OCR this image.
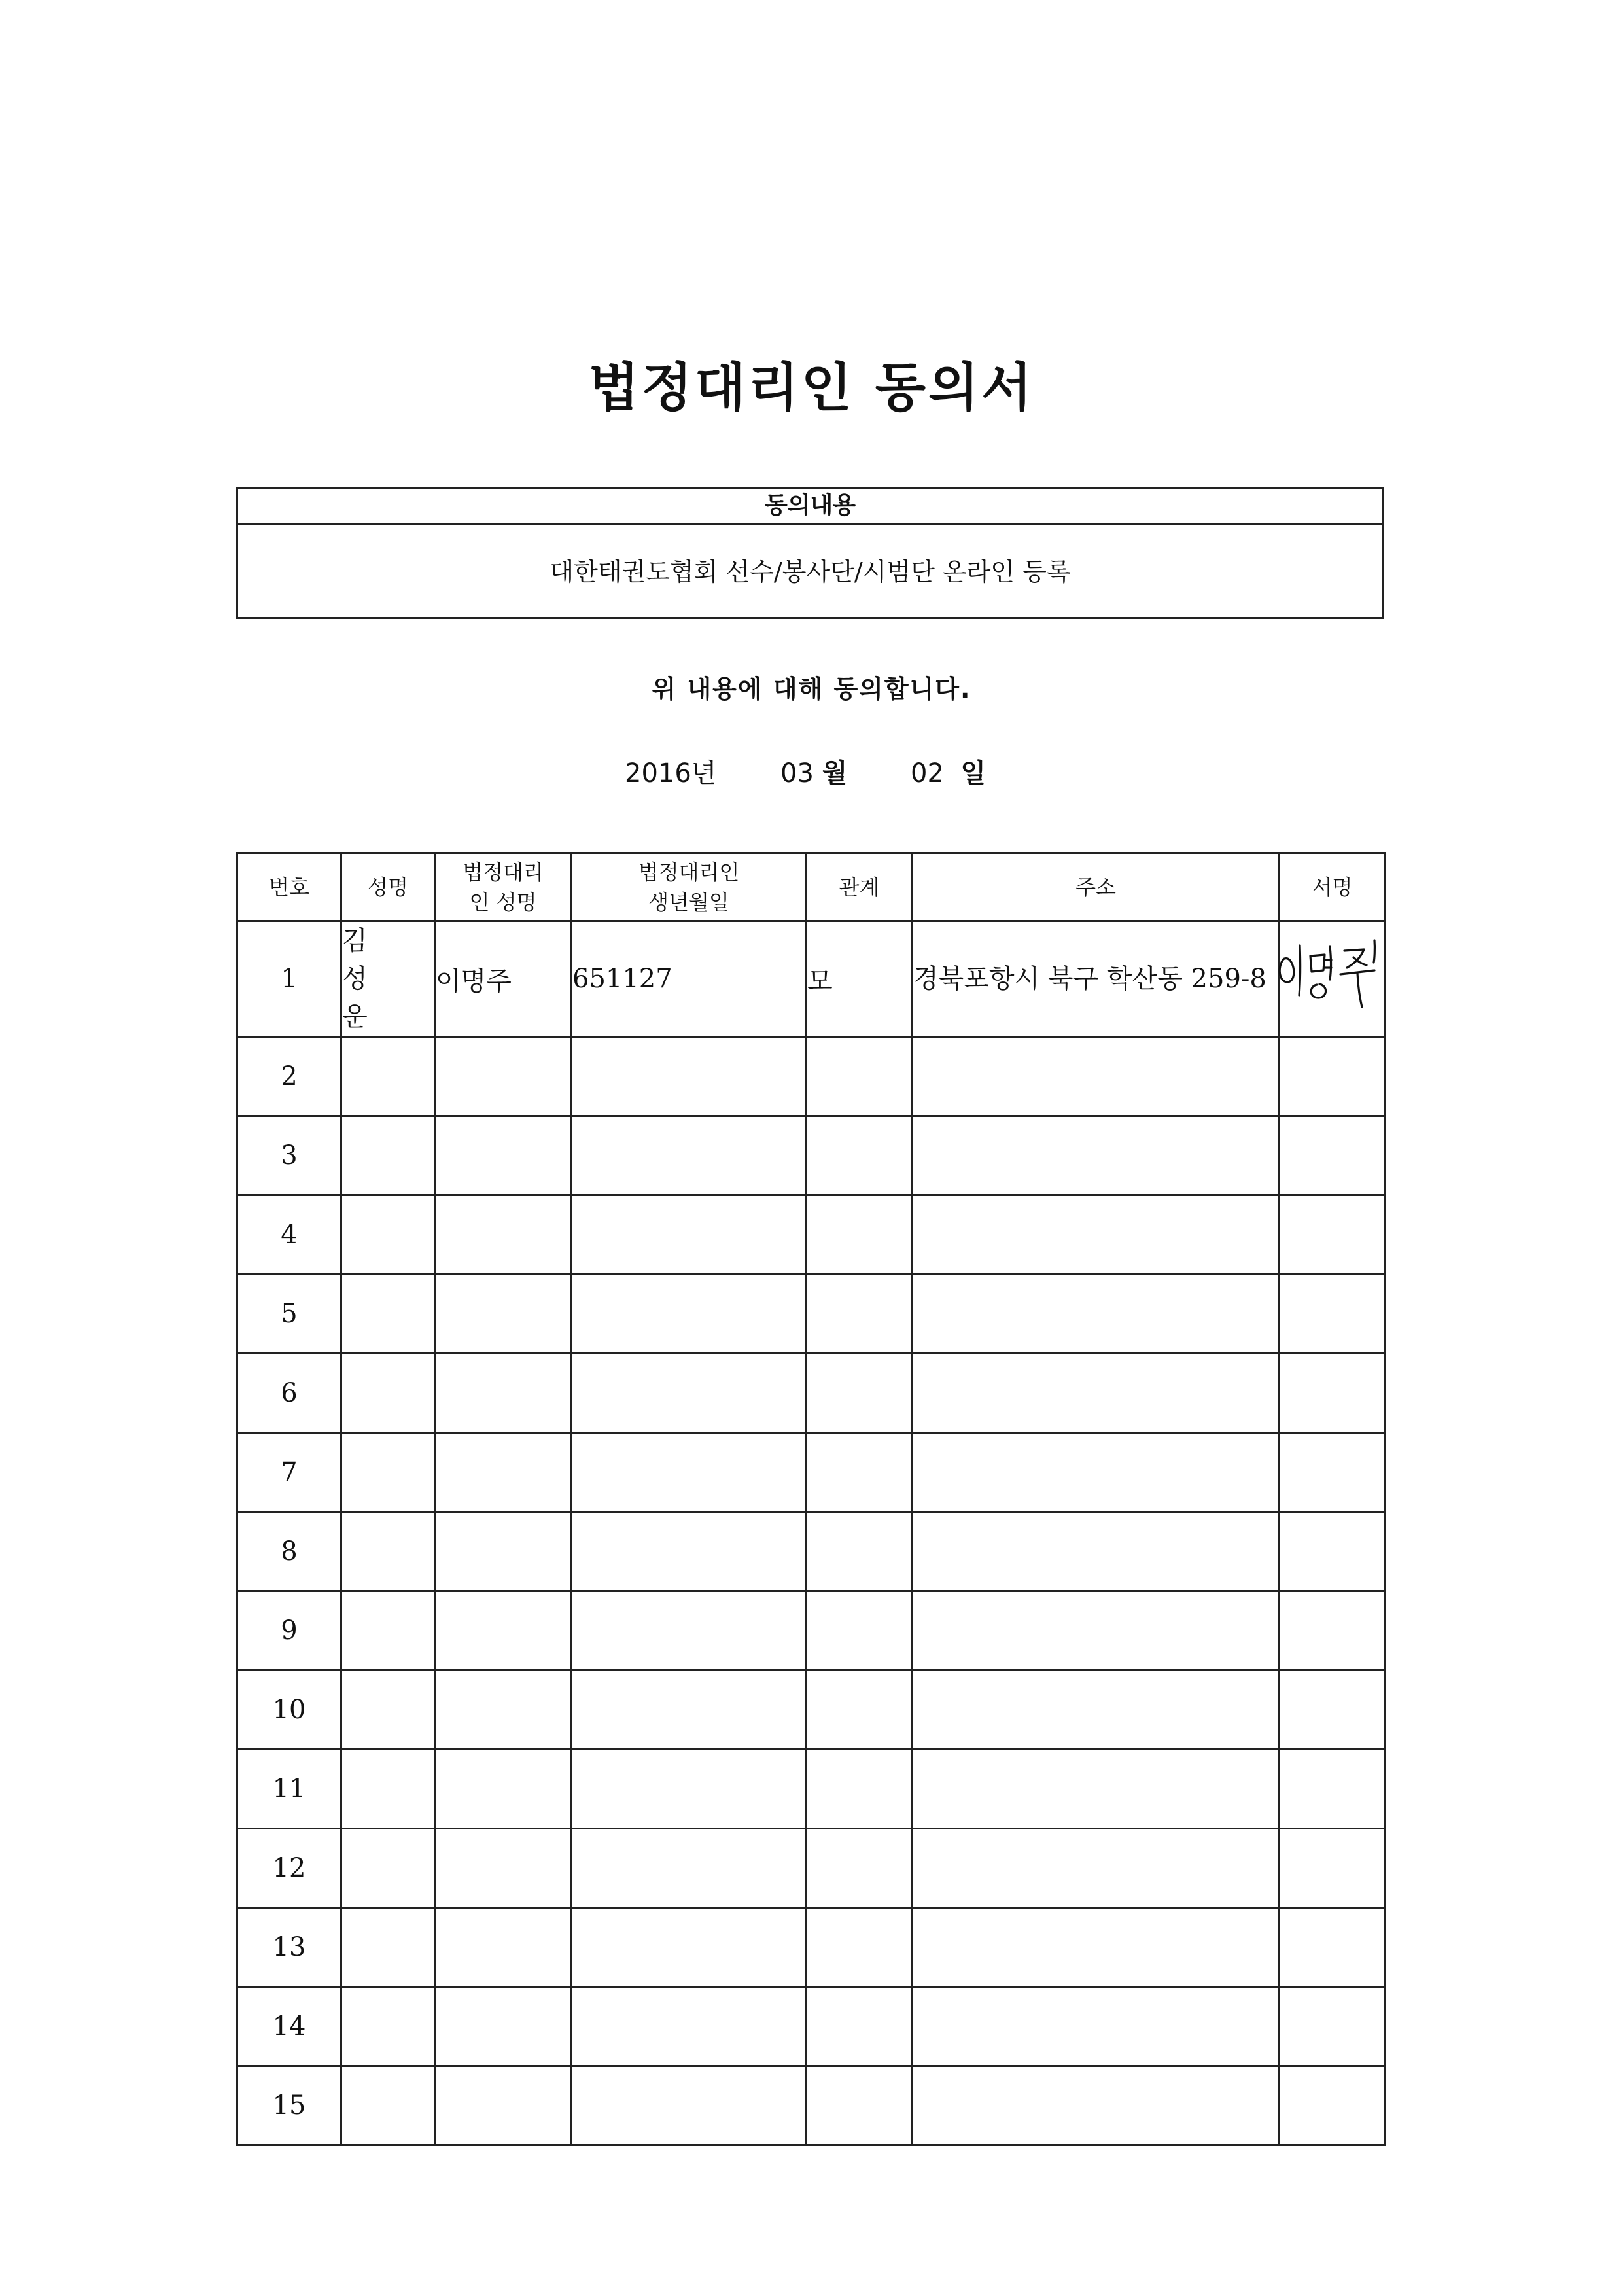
법정대리인 동의서
동의내용
대한태권도협회 선수/봉사단/시범단 온라인 등록
위 내용에 대해 동의합니다.
2016년 03 월 02 일
번호	성명	법정대리인 성명	법정대리인 생년월일	관계	주소	서명
1	김 성 운	이명주	651127	모	경북포항시 북구 학산동 259-8	

2						
3						
4						
5						
6						
7						
8						
9						
10						
11						
12						
13						
14						
15						
